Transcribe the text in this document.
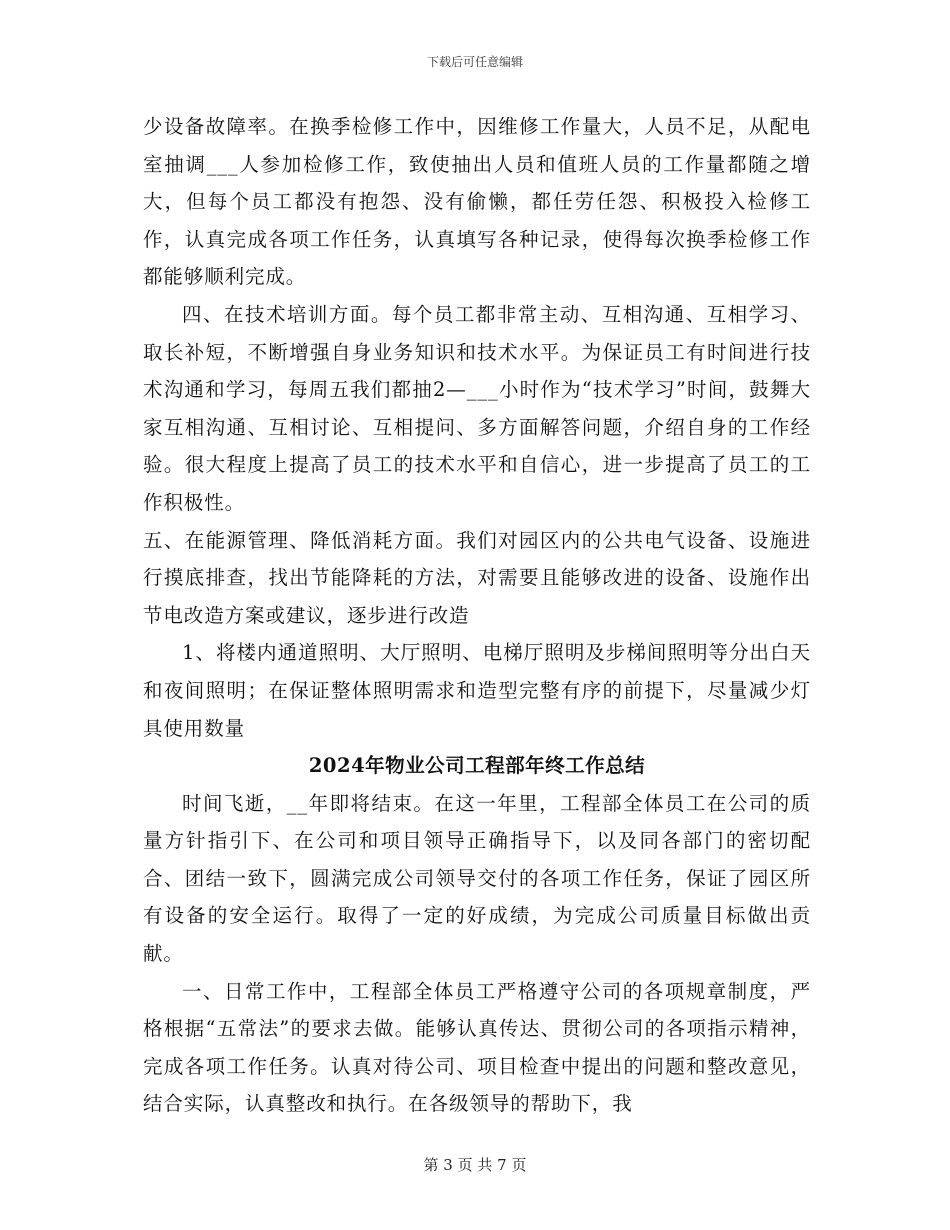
下载后可任意编辑

少设备故障率。在换季检修工作中，因维修工作量大，人员不足，从配电室抽调___人参加检修工作，致使抽出人员和值班人员的工作量都随之增大，但每个员工都没有抱怨、没有偷懒，都任劳任怨、积极投入检修工作，认真完成各项工作任务，认真填写各种记录，使得每次换季检修工作都能够顺利完成。

四、在技术培训方面。每个员工都非常主动、互相沟通、互相学习、取长补短，不断增强自身业务知识和技术水平。为保证员工有时间进行技术沟通和学习，每周五我们都抽2—___小时作为“技术学习”时间，鼓舞大家互相沟通、互相讨论、互相提问、多方面解答问题，介绍自身的工作经验。很大程度上提高了员工的技术水平和自信心，进一步提高了员工的工作积极性。

五、在能源管理、降低消耗方面。我们对园区内的公共电气设备、设施进行摸底排查，找出节能降耗的方法，对需要且能够改进的设备、设施作出节电改造方案或建议，逐步进行改造

1、将楼内通道照明、大厅照明、电梯厅照明及步梯间照明等分出白天和夜间照明；在保证整体照明需求和造型完整有序的前提下，尽量减少灯具使用数量

2024年物业公司工程部年终工作总结

时间飞逝，__年即将结束。在这一年里，工程部全体员工在公司的质量方针指引下、在公司和项目领导正确指导下，以及同各部门的密切配合、团结一致下，圆满完成公司领导交付的各项工作任务，保证了园区所有设备的安全运行。取得了一定的好成绩，为完成公司质量目标做出贡献。

一、日常工作中，工程部全体员工严格遵守公司的各项规章制度，严格根据“五常法”的要求去做。能够认真传达、贯彻公司的各项指示精神，完成各项工作任务。认真对待公司、项目检查中提出的问题和整改意见，结合实际，认真整改和执行。在各级领导的帮助下，我

第 3 页 共 7 页
